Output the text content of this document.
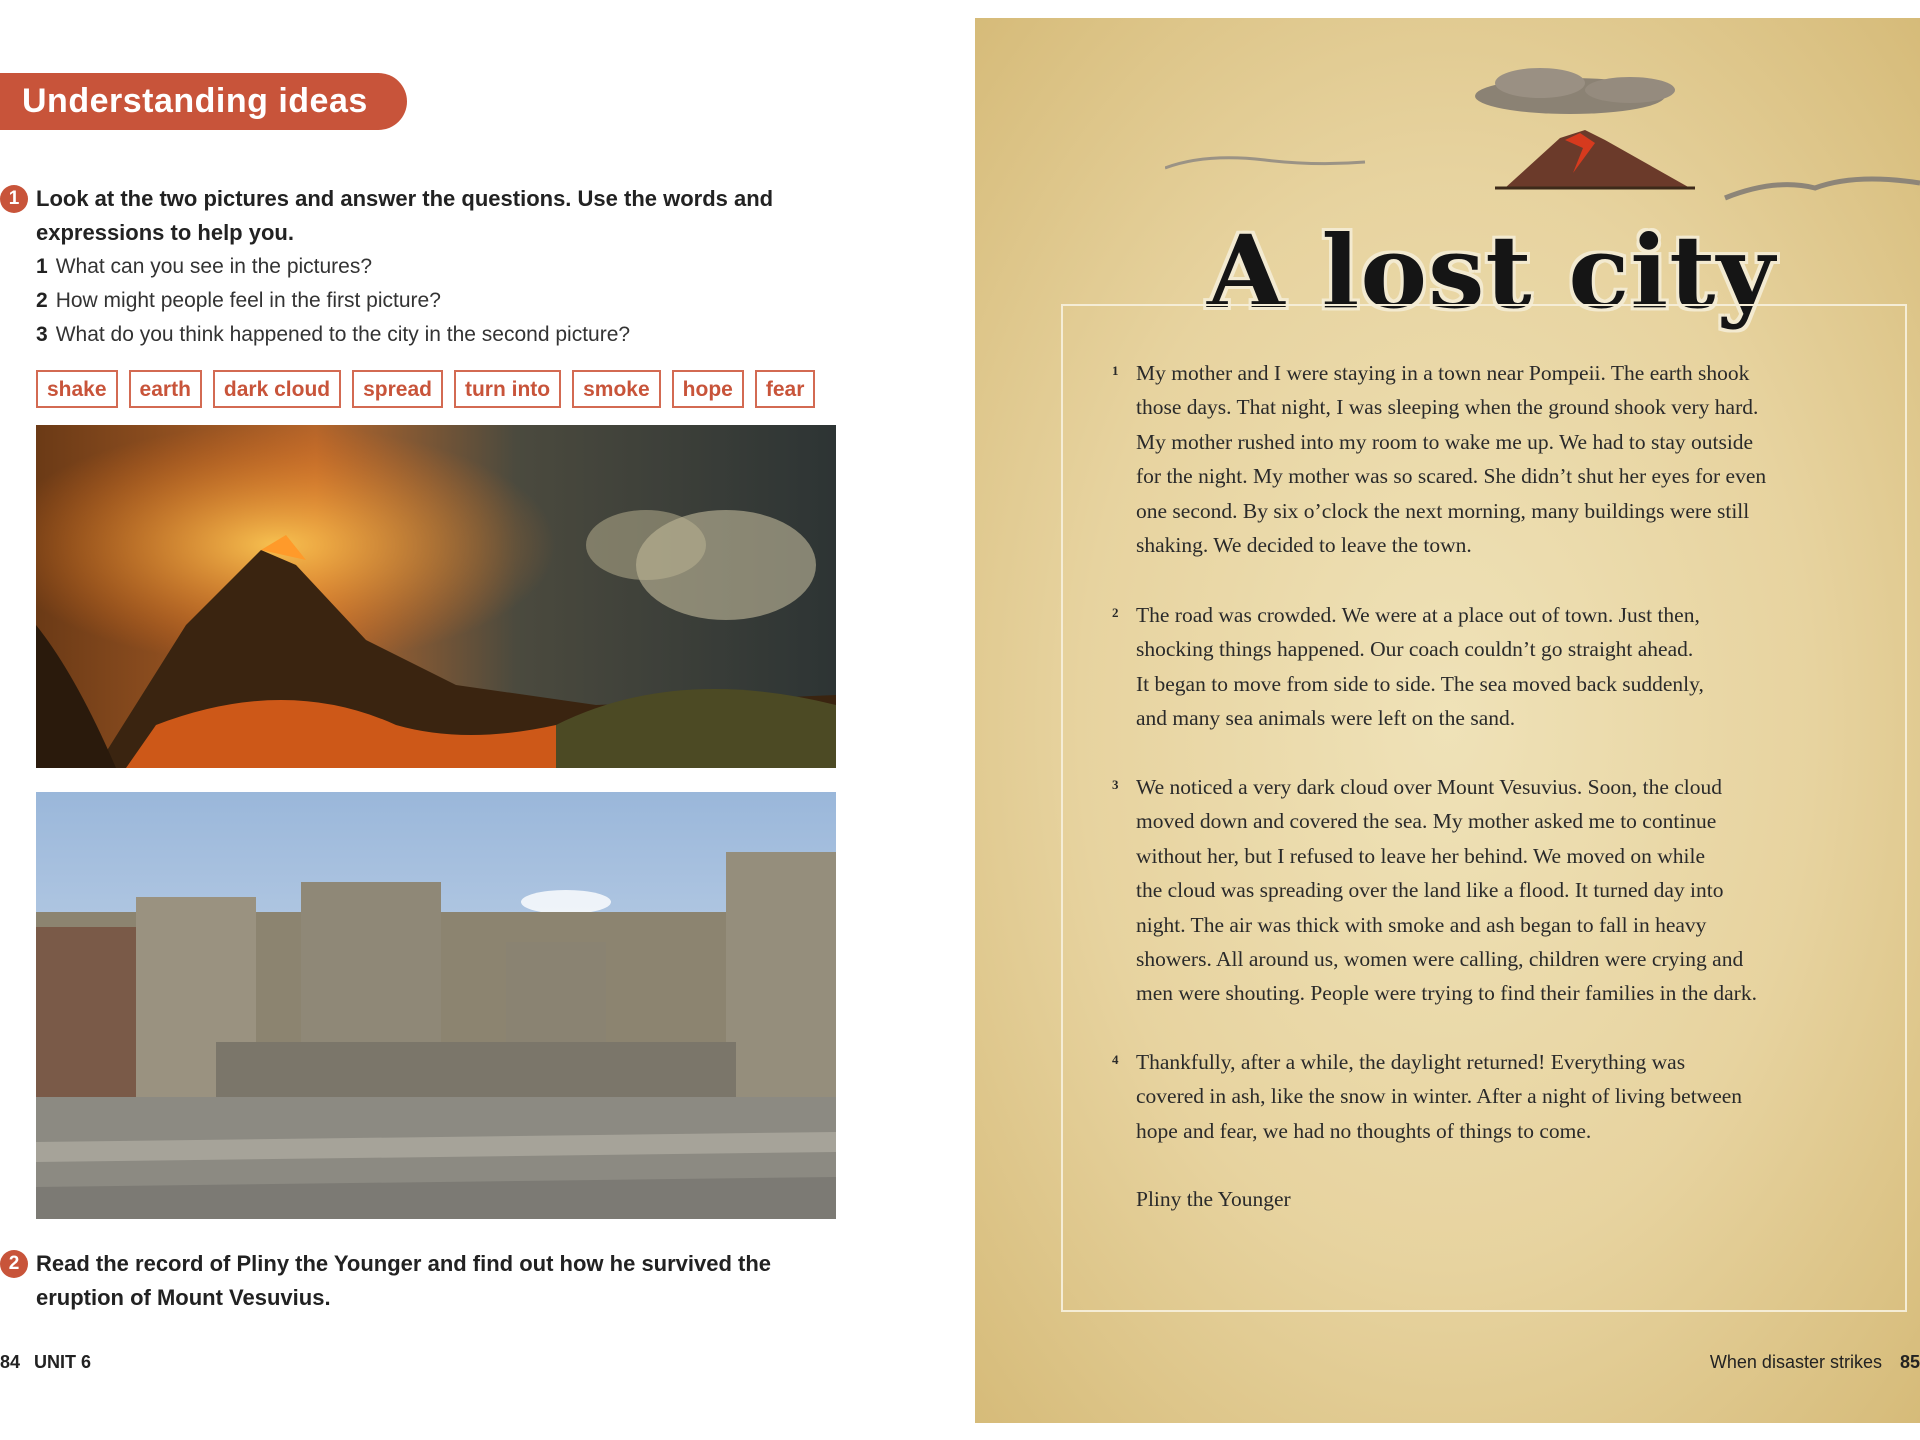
Understanding ideas
1 Look at the two pictures and answer the questions. Use the words and
expressions to help you.
1 What can you see in the pictures?
2 How might people feel in the first picture?
3 What do you think happened to the city in the second picture?
shake	earth	dark cloud	spread	turn into	smoke	hope	fear
2 Read the record of Pliny the Younger and find out how he survived the
eruption of Mount Vesuvius.
84 UNIT 6
A lost city
1 My mother and I were staying in a town near Pompeii. The earth shook
those days. That night, I was sleeping when the ground shook very hard.
My mother rushed into my room to wake me up. We had to stay outside
for the night. My mother was so scared. She didn’t shut her eyes for even
one second. By six o’clock the next morning, many buildings were still
shaking. We decided to leave the town.
2 The road was crowded. We were at a place out of town. Just then,
shocking things happened. Our coach couldn’t go straight ahead.
It began to move from side to side. The sea moved back suddenly,
and many sea animals were left on the sand.
3 We noticed a very dark cloud over Mount Vesuvius. Soon, the cloud
moved down and covered the sea. My mother asked me to continue
without her, but I refused to leave her behind. We moved on while
the cloud was spreading over the land like a flood. It turned day into
night. The air was thick with smoke and ash began to fall in heavy
showers. All around us, women were calling, children were crying and
men were shouting. People were trying to find their families in the dark.
4 Thankfully, after a while, the daylight returned! Everything was
covered in ash, like the snow in winter. After a night of living between
hope and fear, we had no thoughts of things to come.
Pliny the Younger
When disaster strikes 85
